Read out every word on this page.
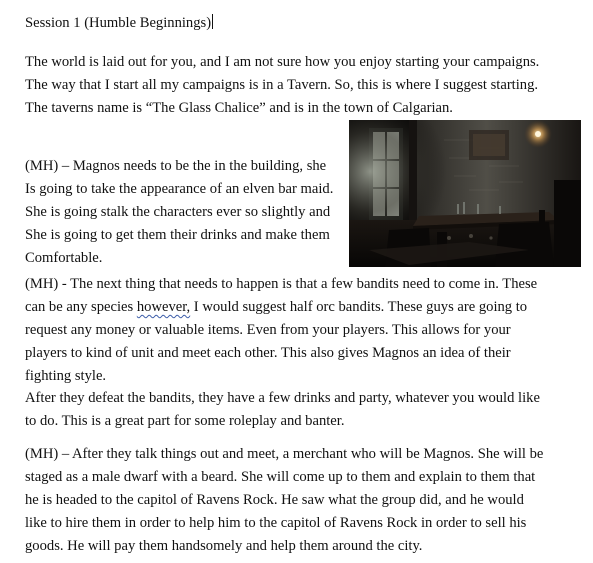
Session 1 (Humble Beginnings)
The world is laid out for you, and I am not sure how you enjoy starting your campaigns.
The way that I start all my campaigns is in a Tavern. So, this is where I suggest starting.
The taverns name is “The Glass Chalice” and is in the town of Calgarian.
(MH) – Magnos needs to be the in the building, she
Is going to take the appearance of an elven bar maid.
She is going stalk the characters ever so slightly and
She is going to get them their drinks and make them
Comfortable.
(MH) - The next thing that needs to happen is that a few bandits need to come in. These
can be any species however, I would suggest half orc bandits. These guys are going to
request any money or valuable items. Even from your players. This allows for your
players to kind of unit and meet each other. This also gives Magnos an idea of their
fighting style.
After they defeat the bandits, they have a few drinks and party, whatever you would like
to do. This is a great part for some roleplay and banter.
(MH) – After they talk things out and meet, a merchant who will be Magnos. She will be
staged as a male dwarf with a beard. She will come up to them and explain to them that
he is headed to the capitol of Ravens Rock. He saw what the group did, and he would
like to hire them in order to help him to the capitol of Ravens Rock in order to sell his
goods. He will pay them handsomely and help them around the city.
